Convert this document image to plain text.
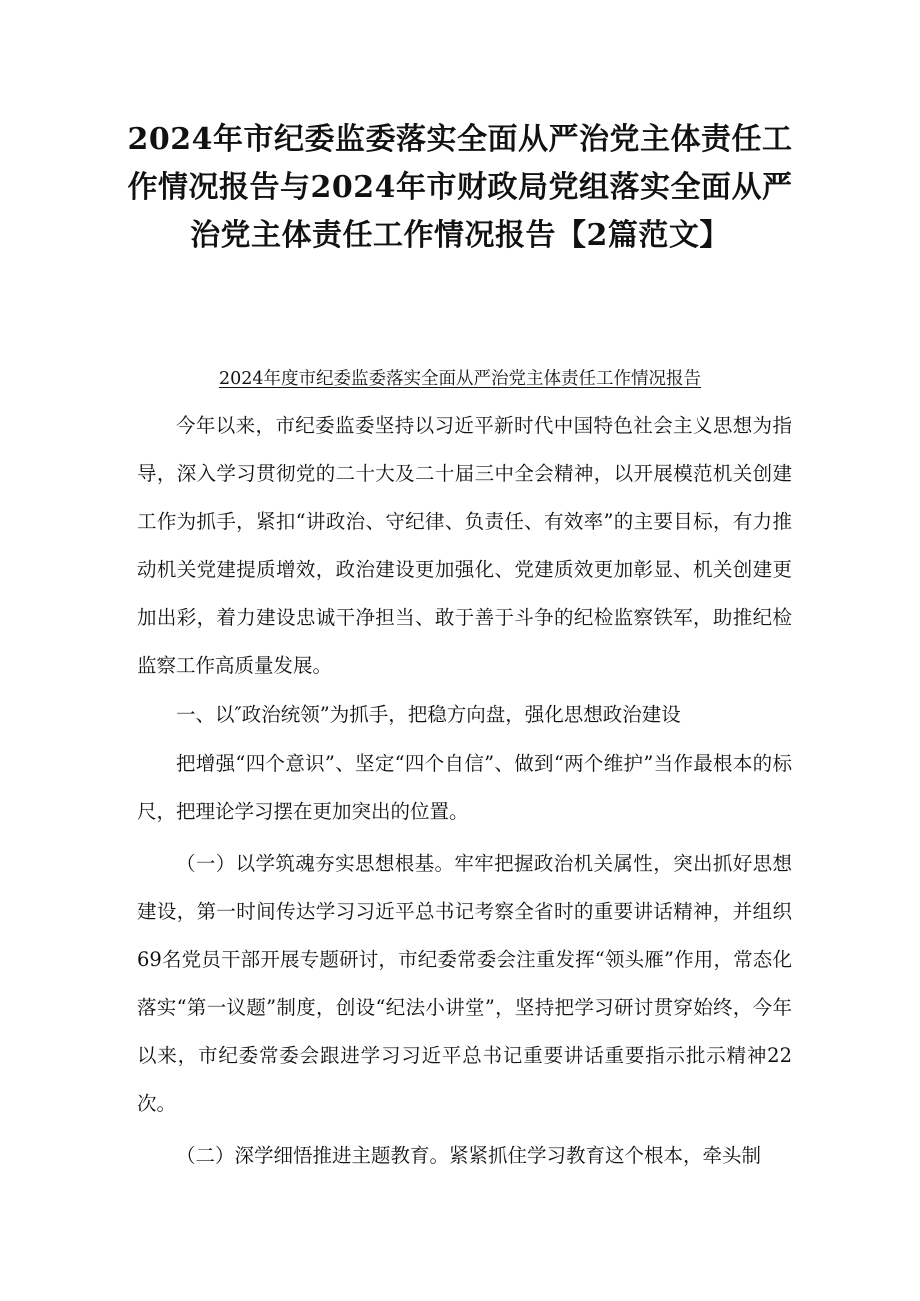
2024年市纪委监委落实全面从严治党主体责任工作情况报告与2024年市财政局党组落实全面从严治党主体责任工作情况报告【2篇范文】
2024年度市纪委监委落实全面从严治党主体责任工作情况报告

今年以来，市纪委监委坚持以习近平新时代中国特色社会主义思想为指导，深入学习贯彻党的二十大及二十届三中全会精神，以开展模范机关创建工作为抓手，紧扣“讲政治、守纪律、负责任、有效率”的主要目标，有力推动机关党建提质增效，政治建设更加强化、党建质效更加彰显、机关创建更加出彩，着力建设忠诚干净担当、敢于善于斗争的纪检监察铁军，助推纪检监察工作高质量发展。

一、以″政治统领”为抓手，把稳方向盘，强化思想政治建设

把增强“四个意识”、坚定“四个自信”、做到“两个维护”当作最根本的标尺，把理论学习摆在更加突出的位置。

（一）以学筑魂夯实思想根基。牢牢把握政治机关属性，突出抓好思想建设，第一时间传达学习习近平总书记考察全省时的重要讲话精神，并组织69名党员干部开展专题研讨，市纪委常委会注重发挥“领头雁”作用，常态化落实“第一议题”制度，创设“纪法小讲堂”，坚持把学习研讨贯穿始终，今年以来，市纪委常委会跟进学习习近平总书记重要讲话重要指示批示精神22次。

（二）深学细悟推进主题教育。紧紧抓住学习教育这个根本，牵头制
